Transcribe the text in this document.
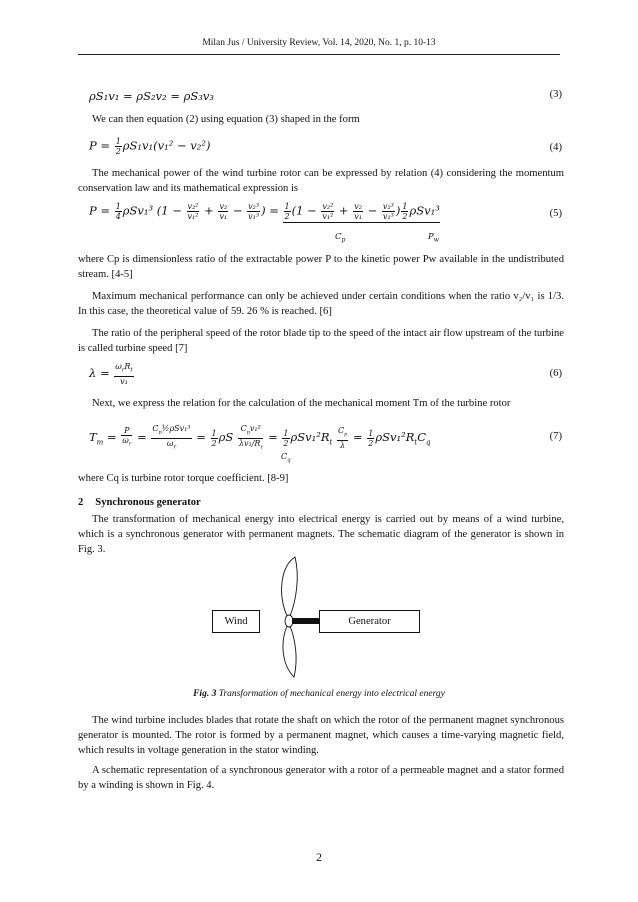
Milan Jus / University Review, Vol. 14, 2020, No. 1, p. 10-13
ρS₁v₁ = ρS₂v₂ = ρS₃v₃	(3)
We can then equation (2) using equation (3) shaped in the form
$P = \frac{1}{2} \rho S_1v_1(v_1^2 - v_2^2)$	(4)
The mechanical power of the wind turbine rotor can be expressed by relation (4) considering the momentum conservation law and its mathematical expression is
$P = \frac{1}{4} \rho Sv_1^3$ ($1 - \frac{\text{v₂²}}{\text{v₁²}} + \frac{\text{v₂}}{\text{v₁}} - \frac{\text{v₂³}}{\text{v₁³}}$ ) = $\frac{1}{2} (1 - \frac{\text{v₂²}}{\text{v₁²}} + \frac{\text{v₂}}{\text{v₁}} - \frac{\text{v₂³}}{\text{v₁³}}$ ) $\frac{1}{2} \rho Sv_1^3$
$C_p$	$P_w$
(5)
where Cp is dimensionless ratio of the extractable power P to the kinetic power Pw available in the undistributed stream. [4-5]
Maximum mechanical performance can only be achieved under certain conditions when the ratio v₂/v₁ is 1/3. In this case, the theoretical value of 59. 26 % is reached. [6]
The ratio of the peripheral speed of the rotor blade tip to the speed of the intact air flow upstream of the turbine is called turbine speed [7]
$\lambda = \frac{\omega_rR_t}{\text{v₁}}$	(6)
Next, we express the relation for the calculation of the mechanical moment Tm of the turbine rotor
$T_m = \frac{P}{\omega_r} = \frac{C_p\frac{1}{2}\rho Sv_1^3}{\omega_r} = \frac{1}{2}$ ρS $\frac{C_pv_1^2}{\lambda v_1/R_t} = \frac{1}{2} \rho Sv_1^2R_t \frac{C_p}{\lambda} = \frac{1}{2} \rho Sv_1^2R_tC_q$
$C_q$
(7)
where Cq is turbine rotor torque coefficient. [8-9]
2 Synchronous generator
The transformation of mechanical energy into electrical energy is carried out by means of a wind turbine, which is a synchronous generator with permanent magnets. The schematic diagram of the generator is shown in Fig. 3.
Wind	Generator
Fig. 3 Transformation of mechanical energy into electrical energy
The wind turbine includes blades that rotate the shaft on which the rotor of the permanent magnet synchronous generator is mounted. The rotor is formed by a permanent magnet, which causes a time-varying magnetic field, which results in voltage generation in the stator winding.
A schematic representation of a synchronous generator with a rotor of a permeable magnet and a stator formed by a winding is shown in Fig. 4.
2
